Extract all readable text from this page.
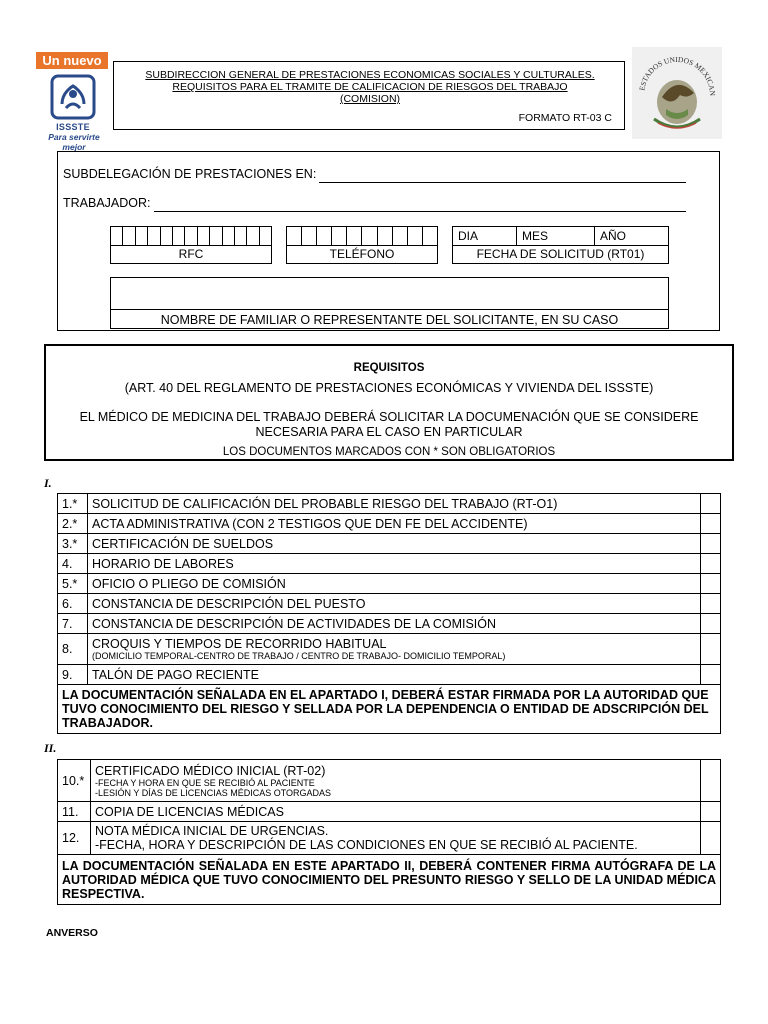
Un nuevo
ISSSTE
Para servirte mejor
SUBDIRECCION GENERAL DE PRESTACIONES ECONOMICAS SOCIALES Y CULTURALES.
REQUISITOS PARA EL TRAMITE DE CALIFICACION DE RIESGOS DEL TRABAJO
(COMISION)
FORMATO RT-03 C
ESTADOS UNIDOS MEXICAN
SUBDELEGACIÓN DE PRESTACIONES EN:
TRABAJADOR:
RFC	TELÉFONO
DIA	MES	AÑO
FECHA DE SOLICITUD (RT01)
NOMBRE DE FAMILIAR O REPRESENTANTE DEL SOLICITANTE, EN SU CASO
REQUISITOS
(ART. 40 DEL REGLAMENTO DE PRESTACIONES ECONÓMICAS Y VIVIENDA DEL ISSSTE)
EL MÉDICO DE MEDICINA DEL TRABAJO DEBERÁ SOLICITAR LA DOCUMENACIÓN QUE SE CONSIDERE
NECESARIA PARA EL CASO EN PARTICULAR
LOS DOCUMENTOS MARCADOS CON * SON OBLIGATORIOS
I.
1.*	SOLICITUD DE CALIFICACIÓN DEL PROBABLE RIESGO DEL TRABAJO (RT-O1)	
2.*	ACTA ADMINISTRATIVA (CON 2 TESTIGOS QUE DEN FE DEL ACCIDENTE)	
3.*	CERTIFICACIÓN DE SUELDOS	
4.	HORARIO DE LABORES	
5.*	OFICIO O PLIEGO DE COMISIÓN	
6.	CONSTANCIA DE DESCRIPCIÓN DEL PUESTO	
7.	CONSTANCIA DE DESCRIPCIÓN DE ACTIVIDADES DE LA COMISIÓN	
8.	CROQUIS Y TIEMPOS DE RECORRIDO HABITUAL
(DOMICILIO TEMPORAL-CENTRO DE TRABAJO / CENTRO DE TRABAJO- DOMICILIO TEMPORAL)	

9.	TALÓN DE PAGO RECIENTE	
LA DOCUMENTACIÓN SEÑALADA EN EL APARTADO I, DEBERÁ ESTAR FIRMADA POR LA AUTORIDAD QUE TUVO CONOCIMIENTO DEL RIESGO Y SELLADA POR LA DEPENDENCIA O ENTIDAD DE ADSCRIPCIÓN DEL TRABAJADOR.		
II.
10.*	CERTIFICADO MÉDICO INICIAL (RT-02)
-FECHA Y HORA EN QUE SE RECIBIÓ AL PACIENTE
-LESIÓN Y DÍAS DE LICENCIAS MÉDICAS OTORGADAS	

11.	COPIA DE LICENCIAS MÉDICAS	
12.	NOTA MÉDICA INICIAL DE URGENCIAS.
-FECHA, HORA Y DESCRIPCIÓN DE LAS CONDICIONES EN QUE SE RECIBIÓ AL PACIENTE.	

LA DOCUMENTACIÓN SEÑALADA EN ESTE APARTADO II, DEBERÁ CONTENER FIRMA AUTÓGRAFA DE LA AUTORIDAD MÉDICA QUE TUVO CONOCIMIENTO DEL PRESUNTO RIESGO Y SELLO DE LA UNIDAD MÉDICA RESPECTIVA.		
ANVERSO
